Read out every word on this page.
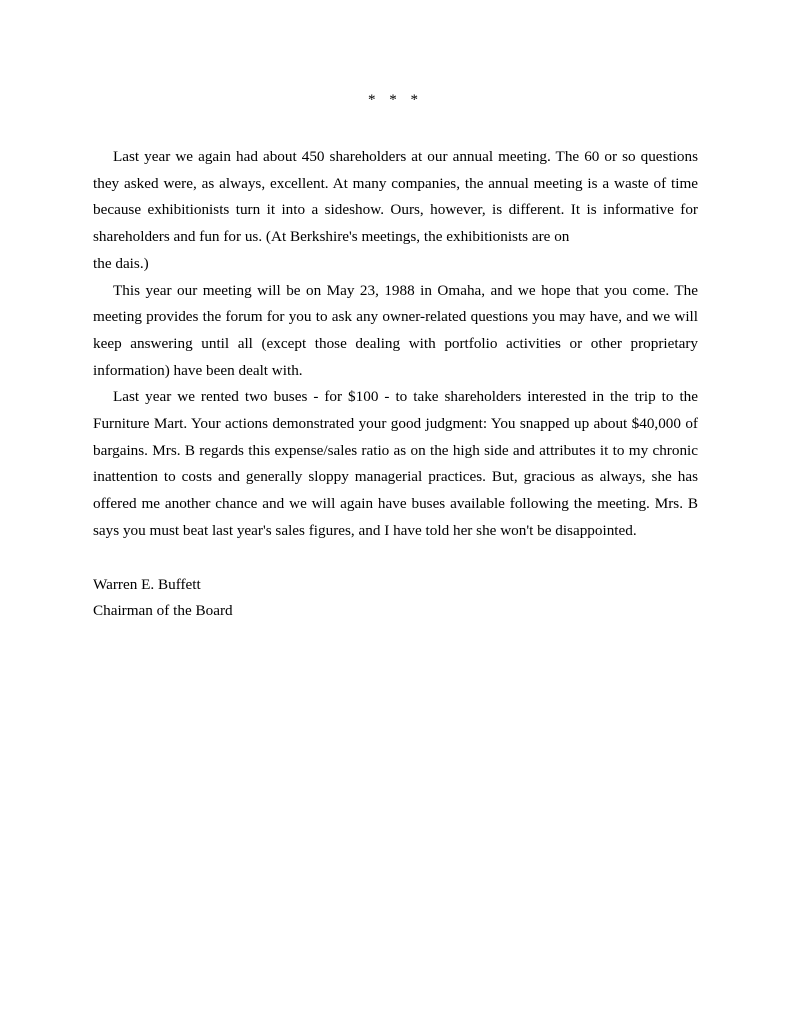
* * *

Last year we again had about 450 shareholders at our annual meeting. The 60 or so questions they asked were, as always, excellent. At many companies, the annual meeting is a waste of time because exhibitionists turn it into a sideshow. Ours, however, is different. It is informative for shareholders and fun for us. (At Berkshire's meetings, the exhibitionists are on
the dais.)

This year our meeting will be on May 23, 1988 in Omaha, and we hope that you come. The meeting provides the forum for you to ask any owner-related questions you may have, and we will keep answering until all (except those dealing with portfolio activities or other proprietary information) have been dealt with.

Last year we rented two buses - for $100 - to take shareholders interested in the trip to the Furniture Mart. Your actions demonstrated your good judgment: You snapped up about $40,000 of bargains. Mrs. B regards this expense/sales ratio as on the high side and attributes it to my chronic inattention to costs and generally sloppy managerial practices. But, gracious as always, she has offered me another chance and we will again have buses available following the meeting. Mrs. B says you must beat last year's sales figures, and I have told her she won't be disappointed.

Warren E. Buffett
Chairman of the Board
